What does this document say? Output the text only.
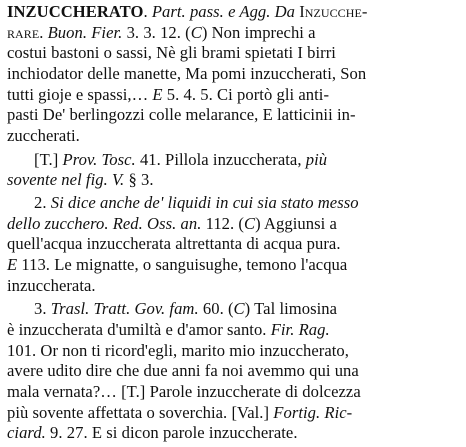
INZUCCHERATO. Part. pass. e Agg. Da Inzucche-
rare. Buon. Fier. 3. 3. 12. (C) Non imprechi a
costui bastoni o sassi, Nè gli brami spietati I birri
inchiodator delle manette, Ma pomi inzuccherati, Son
tutti gioje e spassi,… E 5. 4. 5. Ci portò gli anti-
pasti De' berlingozzi colle melarance, E latticinii in-
zuccherati.
[T.] Prov. Tosc. 41. Pillola inzuccherata, più
sovente nel fig. V. § 3.
2. Si dice anche de' liquidi in cui sia stato messo
dello zucchero. Red. Oss. an. 112. (C) Aggiunsi a
quell'acqua inzuccherata altrettanta di acqua pura.
E 113. Le mignatte, o sanguisughe, temono l'acqua
inzuccherata.
3. Trasl. Tratt. Gov. fam. 60. (C) Tal limosina
è inzuccherata d'umiltà e d'amor santo. Fir. Rag.
101. Or non ti ricord'egli, marito mio inzuccherato,
avere udito dire che due anni fa noi avemmo qui una
mala vernata?… [T.] Parole inzuccherate di dolcezza
più sovente affettata o soverchia. [Val.] Fortig. Ric-
ciard. 9. 27. E si dicon parole inzuccherate.
